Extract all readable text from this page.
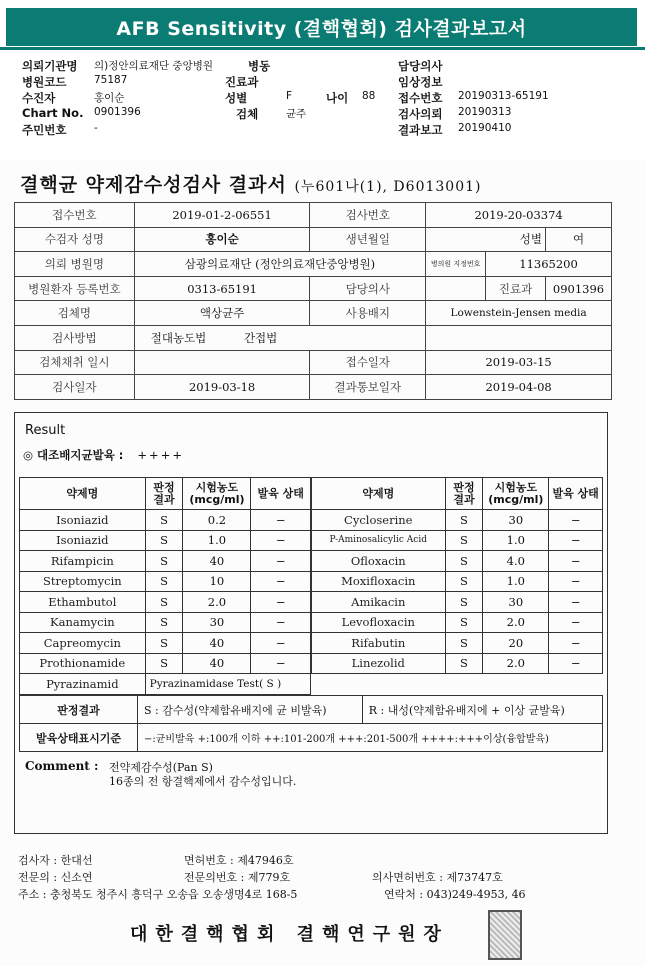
AFB Sensitivity (결핵협회) 검사결과보고서
의뢰기관명 의)정안의료재단 중앙병원	병동	담당의사
병원코드	75187	진료과	임상정보
수진자	홍이순	성별	F	나이 88 접수번호 20190313-65191
Chart No. 0901396	검체	균주	검사의뢰 20190313
주민번호	-	결과보고 20190410
결핵균 약제감수성검사 결과서 (누601나(1), D6013001)
접수번호	2019-01-2-06551	검사번호	2019-20-03374		
수검자 성명	홍이순	생년월일	성별		여
의뢰 병원명	삼광의료재단 (정안의료재단중앙병원)		병의원 지정번호	11365200	
병원환자 등록번호	0313-65191	담당의사		진료과	0901396
검체명	액상균주	사용배지	Lowenstein-Jensen media		
검사방법	절대농도법 간접법				
검체채취 일시		접수일자	2019-03-15		
검사일자	2019-03-18	결과통보일자	2019-04-08		
Result
◎ 대조배지균발육 : ++++
약제명	판정 결과	시험농도 (mcg/ml)	발육 상태
Isoniazid	S	0.2	−
Isoniazid	S	1.0	−
Rifampicin	S	40	−
Streptomycin	S	10	−
Ethambutol	S	2.0	−
Kanamycin	S	30	−
Capreomycin	S	40	−
Prothionamide	S	40	−
Pyrazinamid	Pyrazinamidase Test( S )		
약제명	판정 결과	시험농도 (mcg/ml)	발육 상태
Cycloserine	S	30	−
P-Aminosalicylic Acid	S	1.0	−
Ofloxacin	S	4.0	−
Moxifloxacin	S	1.0	−
Amikacin	S	30	−
Levofloxacin	S	2.0	−
Rifabutin	S	20	−
Linezolid	S	2.0	−
판정결과	S : 감수성(약제함유배지에 균 비발육)	R : 내성(약제함유배지에 + 이상 균발육)
발육상태표시기준	−:균비발육 +:100개 이하 ++:101-200개 +++:201-500개 ++++:+++이상(융합발육)	
Comment : 전약제감수성(Pan S)
16종의 전 항결핵제에서 감수성입니다.
검사자 : 한대선	면허번호 : 제47946호
전문의 : 신소연	전문의번호 : 제779호	의사면허번호 : 제73747호
주소 : 충청북도 청주시 흥덕구 오송읍 오송생명4로 168-5	연락처 : 043)249-4953, 46
대한결핵협회 결핵연구원장
